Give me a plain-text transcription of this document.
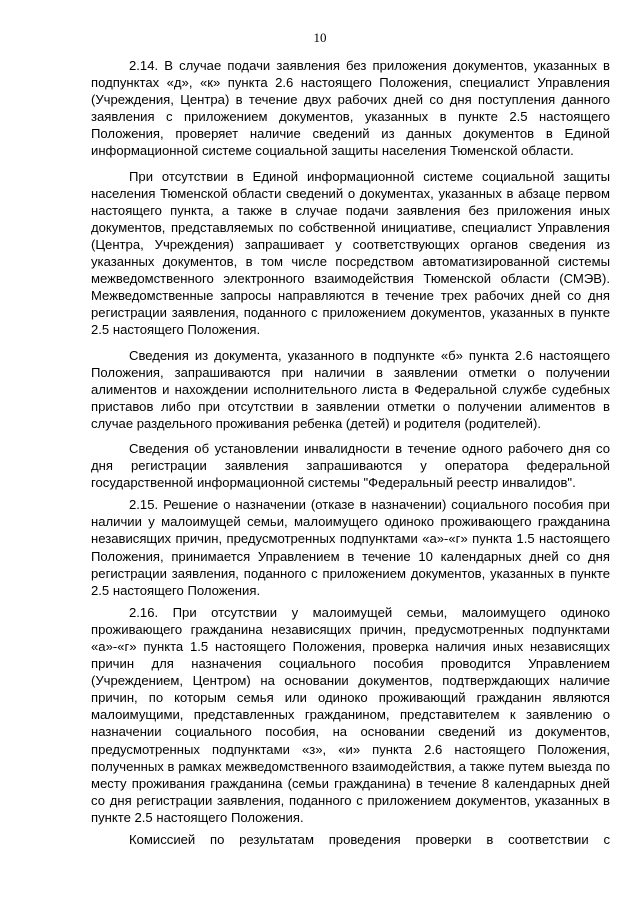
10

2.14. В случае подачи заявления без приложения документов, указанных в подпунктах «д», «к» пункта 2.6 настоящего Положения, специалист Управления (Учреждения, Центра) в течение двух рабочих дней со дня поступления данного заявления с приложением документов, указанных в пункте 2.5 настоящего Положения, проверяет наличие сведений из данных документов в Единой информационной системе социальной защиты населения Тюменской области.

При отсутствии в Единой информационной системе социальной защиты населения Тюменской области сведений о документах, указанных в абзаце первом настоящего пункта, а также в случае подачи заявления без приложения иных документов, представляемых по собственной инициативе, специалист Управления (Центра, Учреждения) запрашивает у соответствующих органов сведения из указанных документов, в том числе посредством автоматизированной системы межведомственного электронного взаимодействия Тюменской области (СМЭВ). Межведомственные запросы направляются в течение трех рабочих дней со дня регистрации заявления, поданного с приложением документов, указанных в пункте 2.5 настоящего Положения.

Сведения из документа, указанного в подпункте «б» пункта 2.6 настоящего Положения, запрашиваются при наличии в заявлении отметки о получении алиментов и нахождении исполнительного листа в Федеральной службе судебных приставов либо при отсутствии в заявлении отметки о получении алиментов в случае раздельного проживания ребенка (детей) и родителя (родителей).

Сведения об установлении инвалидности в течение одного рабочего дня со дня регистрации заявления запрашиваются у оператора федеральной государственной информационной системы "Федеральный реестр инвалидов".

2.15. Решение о назначении (отказе в назначении) социального пособия при наличии у малоимущей семьи, малоимущего одиноко проживающего гражданина независящих причин, предусмотренных подпунктами «а»-«г» пункта 1.5 настоящего Положения, принимается Управлением в течение 10 календарных дней со дня регистрации заявления, поданного с приложением документов, указанных в пункте 2.5 настоящего Положения.

2.16. При отсутствии у малоимущей семьи, малоимущего одиноко проживающего гражданина независящих причин, предусмотренных подпунктами «а»-«г» пункта 1.5 настоящего Положения, проверка наличия иных независящих причин для назначения социального пособия проводится Управлением (Учреждением, Центром) на основании документов, подтверждающих наличие причин, по которым семья или одиноко проживающий гражданин являются малоимущими, представленных гражданином, представителем к заявлению о назначении социального пособия, на основании сведений из документов, предусмотренных подпунктами «з», «и» пункта 2.6 настоящего Положения, полученных в рамках межведомственного взаимодействия, а также путем выезда по месту проживания гражданина (семьи гражданина) в течение 8 календарных дней со дня регистрации заявления, поданного с приложением документов, указанных в пункте 2.5 настоящего Положения.

Комиссией по результатам проведения проверки в соответствии с
